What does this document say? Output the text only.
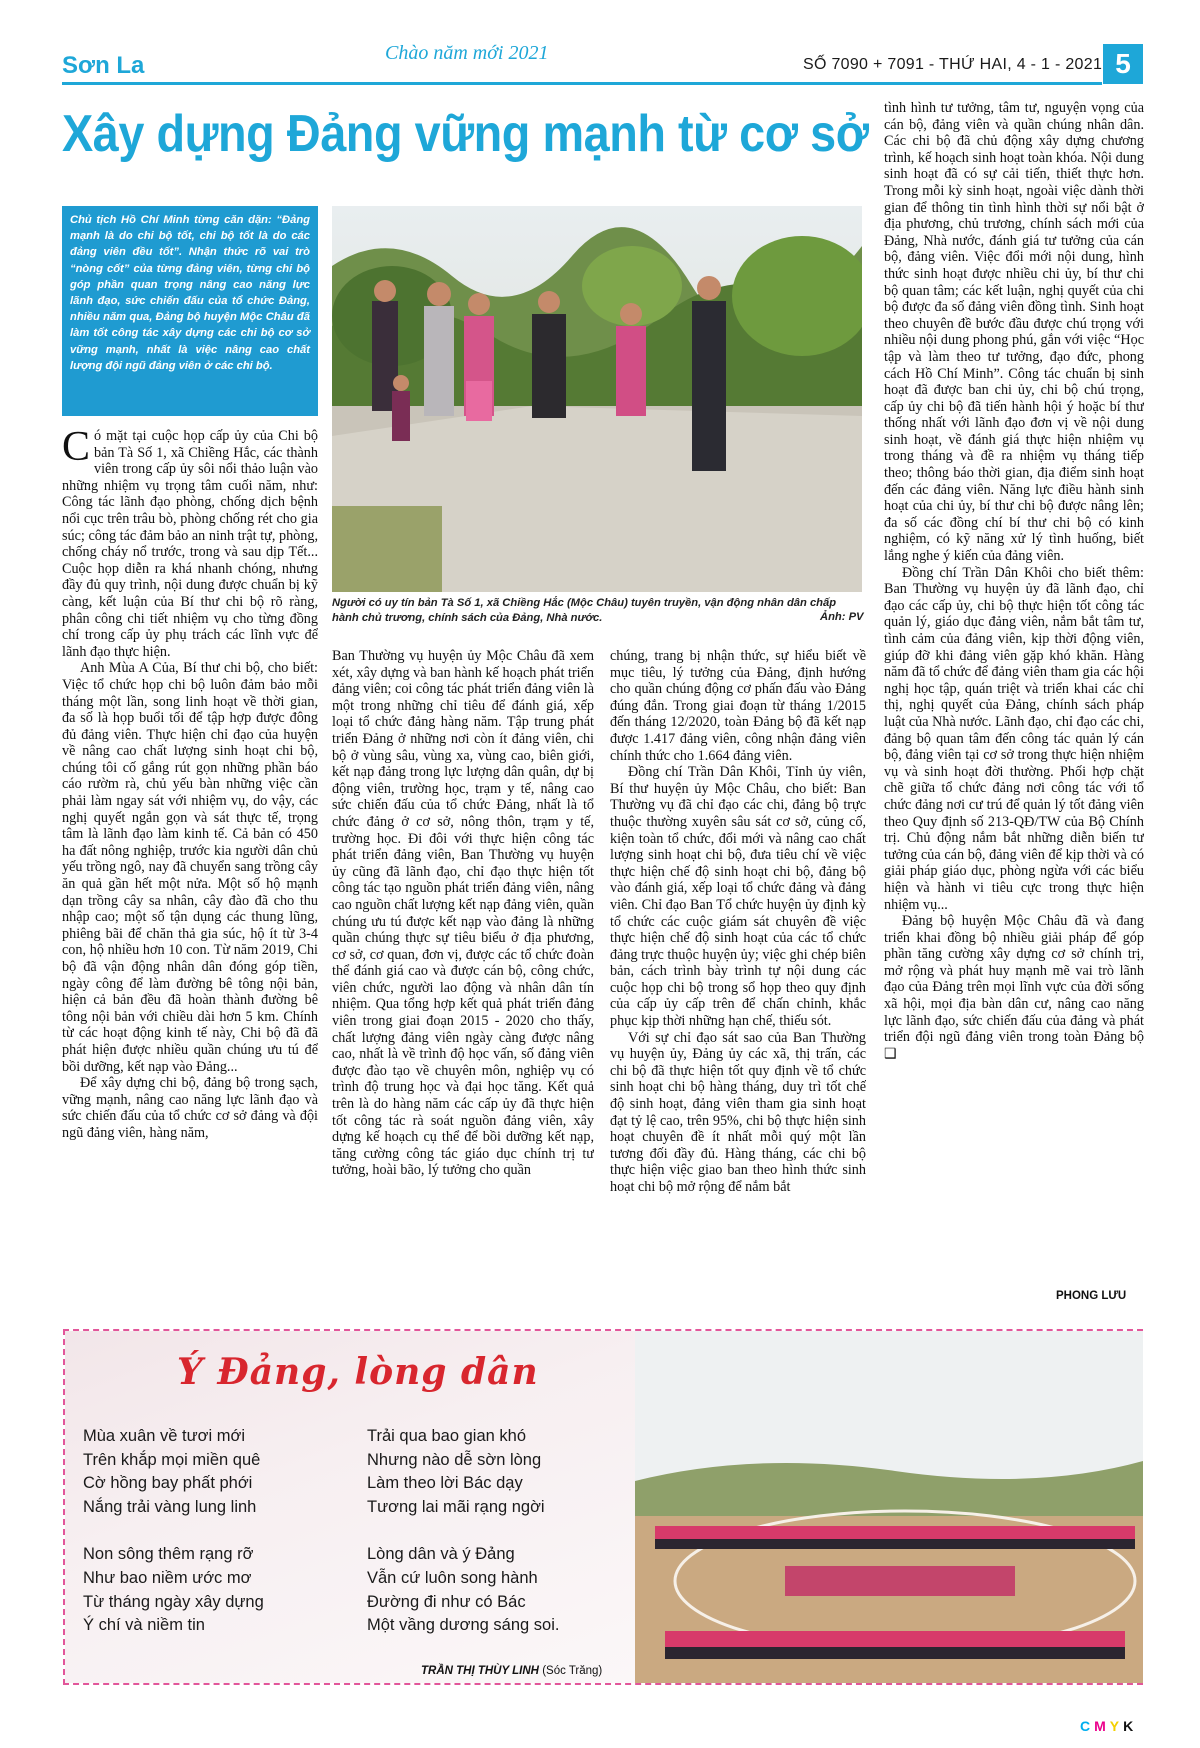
Sơn La	Chào năm mới 2021
SỐ 7090 + 7091 - THỨ HAI, 4 - 1 - 2021 5
Xây dựng Đảng vững mạnh từ cơ sở
Chủ tịch Hồ Chí Minh từng căn dặn: “Đảng mạnh là do chi bộ tốt, chi bộ tốt là do các đảng viên đều tốt”. Nhận thức rõ vai trò “nòng cốt” của từng đảng viên, từng chi bộ góp phần quan trọng nâng cao năng lực lãnh đạo, sức chiến đấu của tổ chức Đảng, nhiều năm qua, Đảng bộ huyện Mộc Châu đã làm tốt công tác xây dựng các chi bộ cơ sở vững mạnh, nhất là việc nâng cao chất lượng đội ngũ đảng viên ở các chi bộ.
Người có uy tín bản Tà Số 1, xã Chiềng Hắc (Mộc Châu) tuyên truyền, vận động nhân dân chấp hành chủ trương, chính sách của Đảng, Nhà nước.	Ảnh: PV

Có mặt tại cuộc họp cấp ủy của Chi bộ bản Tà Số 1, xã Chiềng Hắc, các thành viên trong cấp ủy sôi nổi thảo luận vào những nhiệm vụ trọng tâm cuối năm, như: Công tác lãnh đạo phòng, chống dịch bệnh nổi cục trên trâu bò, phòng chống rét cho gia súc; công tác đảm bảo an ninh trật tự, phòng, chống cháy nổ trước, trong và sau dịp Tết... Cuộc họp diễn ra khá nhanh chóng, nhưng đầy đủ quy trình, nội dung được chuẩn bị kỹ càng, kết luận của Bí thư chi bộ rõ ràng, phân công chi tiết nhiệm vụ cho từng đồng chí trong cấp ủy phụ trách các lĩnh vực để lãnh đạo thực hiện.

Anh Mùa A Của, Bí thư chi bộ, cho biết: Việc tổ chức họp chi bộ luôn đảm bảo mỗi tháng một lần, song linh hoạt về thời gian, đa số là họp buổi tối để tập hợp được đông đủ đảng viên. Thực hiện chỉ đạo của huyện về nâng cao chất lượng sinh hoạt chi bộ, chúng tôi cố gắng rút gọn những phần báo cáo rườm rà, chủ yếu bàn những việc cần phải làm ngay sát với nhiệm vụ, do vậy, các nghị quyết ngắn gọn và sát thực tế, trọng tâm là lãnh đạo làm kinh tế. Cả bản có 450 ha đất nông nghiệp, trước kia người dân chủ yếu trồng ngô, nay đã chuyển sang trồng cây ăn quả gần hết một nửa. Một số hộ mạnh dạn trồng cây sa nhân, cây đào đã cho thu nhập cao; một số tận dụng các thung lũng, phiêng bãi để chăn thả gia súc, hộ ít từ 3-4 con, hộ nhiều hơn 10 con. Từ năm 2019, Chi bộ đã vận động nhân dân đóng góp tiền, ngày công để làm đường bê tông nội bản, hiện cả bản đều đã hoàn thành đường bê tông nội bản với chiều dài hơn 5 km. Chính từ các hoạt động kinh tế này, Chi bộ đã đã phát hiện được nhiều quần chúng ưu tú để bồi dưỡng, kết nạp vào Đảng...

Để xây dựng chi bộ, đảng bộ trong sạch, vững mạnh, nâng cao năng lực lãnh đạo và sức chiến đấu của tổ chức cơ sở đảng và đội ngũ đảng viên, hàng năm,

Ban Thường vụ huyện ủy Mộc Châu đã xem xét, xây dựng và ban hành kế hoạch phát triển đảng viên; coi công tác phát triển đảng viên là một trong những chỉ tiêu để đánh giá, xếp loại tổ chức đảng hàng năm. Tập trung phát triển Đảng ở những nơi còn ít đảng viên, chi bộ ở vùng sâu, vùng xa, vùng cao, biên giới, kết nạp đảng trong lực lượng dân quân, dự bị động viên, trường học, trạm y tế, nâng cao sức chiến đấu của tổ chức Đảng, nhất là tổ chức đảng ở cơ sở, nông thôn, trạm y tế, trường học. Đi đôi với thực hiện công tác phát triển đảng viên, Ban Thường vụ huyện ủy cũng đã lãnh đạo, chỉ đạo thực hiện tốt công tác tạo nguồn phát triển đảng viên, nâng cao nguồn chất lượng kết nạp đảng viên, quần chúng ưu tú được kết nạp vào đảng là những quần chúng thực sự tiêu biểu ở địa phương, cơ sở, cơ quan, đơn vị, được các tổ chức đoàn thể đánh giá cao và được cán bộ, công chức, viên chức, người lao động và nhân dân tín nhiệm. Qua tổng hợp kết quả phát triển đảng viên trong giai đoạn 2015 - 2020 cho thấy, chất lượng đảng viên ngày càng được nâng cao, nhất là về trình độ học vấn, số đảng viên được đào tạo về chuyên môn, nghiệp vụ có trình độ trung học và đại học tăng. Kết quả trên là do hàng năm các cấp ủy đã thực hiện tốt công tác rà soát nguồn đảng viên, xây dựng kế hoạch cụ thể để bồi dưỡng kết nạp, tăng cường công tác giáo dục chính trị tư tưởng, hoài bão, lý tưởng cho quần

chúng, trang bị nhận thức, sự hiểu biết về mục tiêu, lý tưởng của Đảng, định hướng cho quần chúng động cơ phấn đấu vào Đảng đúng đắn. Trong giai đoạn từ tháng 1/2015 đến tháng 12/2020, toàn Đảng bộ đã kết nạp được 1.417 đảng viên, công nhận đảng viên chính thức cho 1.664 đảng viên.

Đồng chí Trần Dân Khôi, Tỉnh ủy viên, Bí thư huyện ủy Mộc Châu, cho biết: Ban Thường vụ đã chỉ đạo các chi, đảng bộ trực thuộc thường xuyên sâu sát cơ sở, củng cố, kiện toàn tổ chức, đổi mới và nâng cao chất lượng sinh hoạt chi bộ, đưa tiêu chí về việc thực hiện chế độ sinh hoạt chi bộ, đảng bộ vào đánh giá, xếp loại tổ chức đảng và đảng viên. Chỉ đạo Ban Tổ chức huyện ủy định kỳ tổ chức các cuộc giám sát chuyên đề việc thực hiện chế độ sinh hoạt của các tổ chức đảng trực thuộc huyện ủy; việc ghi chép biên bản, cách trình bày trình tự nội dung các cuộc họp chi bộ trong sổ họp theo quy định của cấp ủy cấp trên để chấn chỉnh, khắc phục kịp thời những hạn chế, thiếu sót.

Với sự chỉ đạo sát sao của Ban Thường vụ huyện ủy, Đảng ủy các xã, thị trấn, các chi bộ đã thực hiện tốt quy định về tổ chức sinh hoạt chi bộ hàng tháng, duy trì tốt chế độ sinh hoạt, đảng viên tham gia sinh hoạt đạt tỷ lệ cao, trên 95%, chi bộ thực hiện sinh hoạt chuyên đề ít nhất mỗi quý một lần tương đối đầy đủ. Hàng tháng, các chi bộ thực hiện việc giao ban theo hình thức sinh hoạt chi bộ mở rộng để nắm bắt

tình hình tư tưởng, tâm tư, nguyện vọng của cán bộ, đảng viên và quần chúng nhân dân. Các chi bộ đã chủ động xây dựng chương trình, kế hoạch sinh hoạt toàn khóa. Nội dung sinh hoạt đã có sự cải tiến, thiết thực hơn. Trong mỗi kỳ sinh hoạt, ngoài việc dành thời gian để thông tin tình hình thời sự nổi bật ở địa phương, chủ trương, chính sách mới của Đảng, Nhà nước, đánh giá tư tưởng của cán bộ, đảng viên. Việc đổi mới nội dung, hình thức sinh hoạt được nhiều chi ủy, bí thư chi bộ quan tâm; các kết luận, nghị quyết của chi bộ được đa số đảng viên đồng tình. Sinh hoạt theo chuyên đề bước đầu được chú trọng với nhiều nội dung phong phú, gắn với việc “Học tập và làm theo tư tưởng, đạo đức, phong cách Hồ Chí Minh”. Công tác chuẩn bị sinh hoạt đã được ban chi ủy, chi bộ chú trọng, cấp ủy chi bộ đã tiến hành hội ý hoặc bí thư thống nhất với lãnh đạo đơn vị về nội dung sinh hoạt, về đánh giá thực hiện nhiệm vụ trong tháng và đề ra nhiệm vụ tháng tiếp theo; thông báo thời gian, địa điểm sinh hoạt đến các đảng viên. Năng lực điều hành sinh hoạt của chi ủy, bí thư chi bộ được nâng lên; đa số các đồng chí bí thư chi bộ có kinh nghiệm, có kỹ năng xử lý tình huống, biết lắng nghe ý kiến của đảng viên.

Đồng chí Trần Dân Khôi cho biết thêm: Ban Thường vụ huyện ủy đã lãnh đạo, chỉ đạo các cấp ủy, chi bộ thực hiện tốt công tác quản lý, giáo dục đảng viên, nắm bắt tâm tư, tình cảm của đảng viên, kịp thời động viên, giúp đỡ khi đảng viên gặp khó khăn. Hàng năm đã tổ chức để đảng viên tham gia các hội nghị học tập, quán triệt và triển khai các chỉ thị, nghị quyết của Đảng, chính sách pháp luật của Nhà nước. Lãnh đạo, chỉ đạo các chi, đảng bộ quan tâm đến công tác quản lý cán bộ, đảng viên tại cơ sở trong thực hiện nhiệm vụ và sinh hoạt đời thường. Phối hợp chặt chẽ giữa tổ chức đảng nơi công tác với tổ chức đảng nơi cư trú để quản lý tốt đảng viên theo Quy định số 213-QĐ/TW của Bộ Chính trị. Chủ động nắm bắt những diễn biến tư tưởng của cán bộ, đảng viên để kịp thời và có giải pháp giáo dục, phòng ngừa với các biểu hiện và hành vi tiêu cực trong thực hiện nhiệm vụ...

Đảng bộ huyện Mộc Châu đã và đang triển khai đồng bộ nhiều giải pháp để góp phần tăng cường xây dựng cơ sở chính trị, mở rộng và phát huy mạnh mẽ vai trò lãnh đạo của Đảng trên mọi lĩnh vực của đời sống xã hội, mọi địa bàn dân cư, nâng cao năng lực lãnh đạo, sức chiến đấu của đảng và phát triển đội ngũ đảng viên trong toàn Đảng bộ ❑

PHONG LƯU
Ý Đảng, lòng dân
Mùa xuân về tươi mới
Trên khắp mọi miền quê
Cờ hồng bay phất phới
Nắng trải vàng lung linh
Non sông thêm rạng rỡ
Như bao niềm ước mơ
Từ tháng ngày xây dựng
Ý chí và niềm tin
Trải qua bao gian khó
Nhưng nào dễ sờn lòng
Làm theo lời Bác dạy
Tương lai mãi rạng ngời
Lòng dân và ý Đảng
Vẫn cứ luôn song hành
Đường đi như có Bác
Một vầng dương sáng soi.
TRẦN THỊ THÙY LINH (Sóc Trăng)
CMYK
